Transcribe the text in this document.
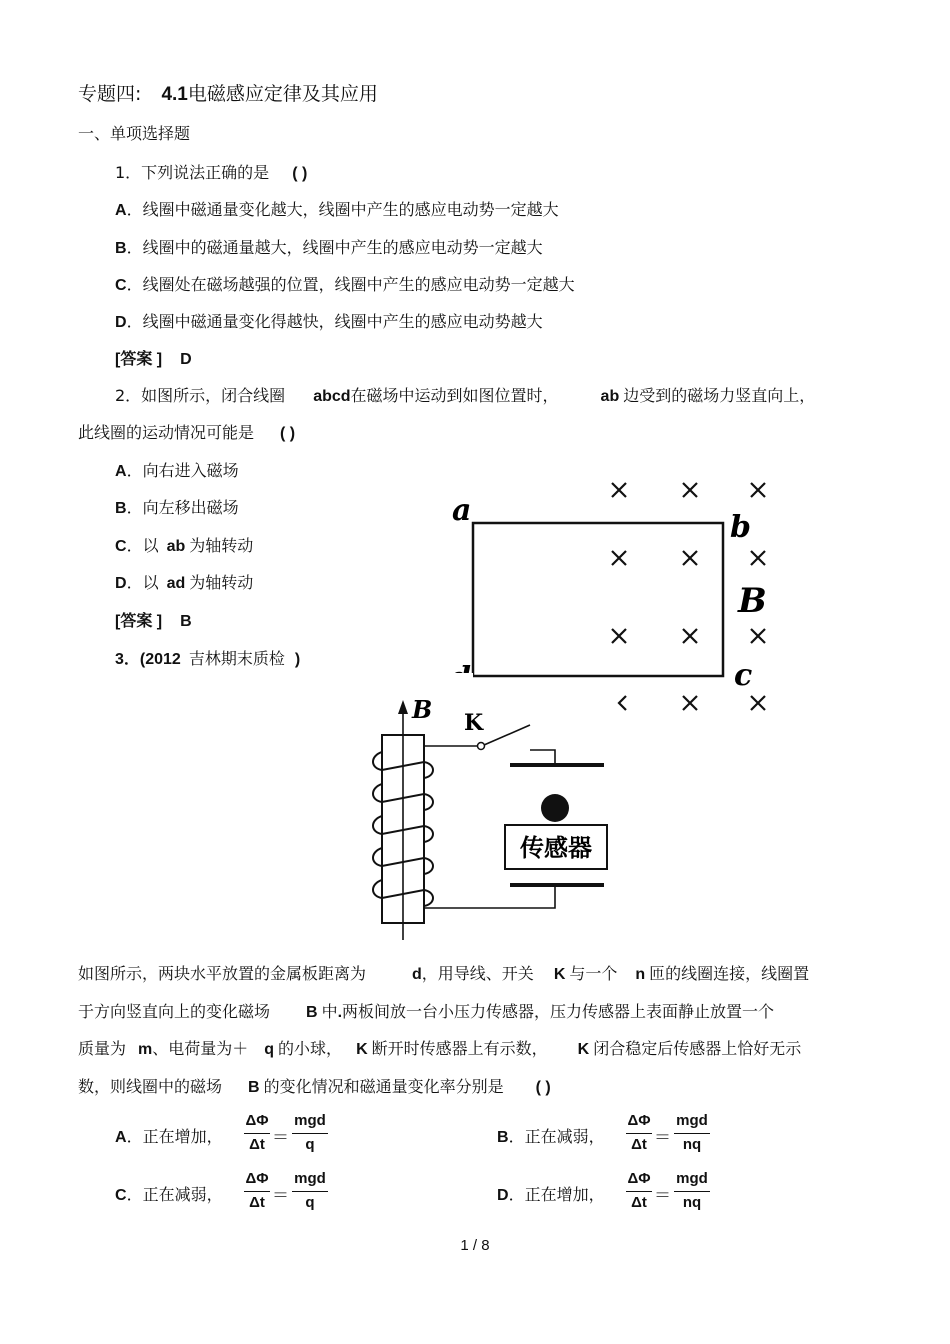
专题四: 4.1电磁感应定律及其应用
一、单项选择题
1．下列说法正确的是 ( )
A．线圈中磁通量变化越大，线圈中产生的感应电动势一定越大
B．线圈中的磁通量越大，线圈中产生的感应电动势一定越大
C．线圈处在磁场越强的位置，线圈中产生的感应电动势一定越大
D．线圈中磁通量变化得越快，线圈中产生的感应电动势越大
[答案 ] D
2．如图所示，闭合线圈 abcd在磁场中运动到如图位置时，	ab 边受到的磁场力竖直向上，
此线圈的运动情况可能是 ( )
A．向右进入磁场
B．向左移出磁场
C．以 ab 为轴转动
D．以 ad 为轴转动
[答案 ] B
a	b
c
B
3．(2012 吉林期末质检 )
B K
传感器
如图所示，两块水平放置的金属板距离为	d，用导线、开关 K 与一个 n 匝的线圈连接，线圈置
于方向竖直向上的变化磁场 B 中.两板间放一台小压力传感器，压力传感器上表面静止放置一个
质量为 m、电荷量为＋ q 的小球， K 断开时传感器上有示数， K 闭合稳定后传感器上恰好无示
数，则线圈中的磁场 B 的变化情况和磁通量变化率分别是 ( )
A．正在增加，
ΔΦ
Δt ＝
mgd
q	B．正在减弱，
ΔΦ
Δt ＝
mgd
nq
C．正在减弱，
ΔΦ
Δt ＝
mgd
q	D．正在增加，
ΔΦ
Δt ＝
mgd
nq
1 / 8
